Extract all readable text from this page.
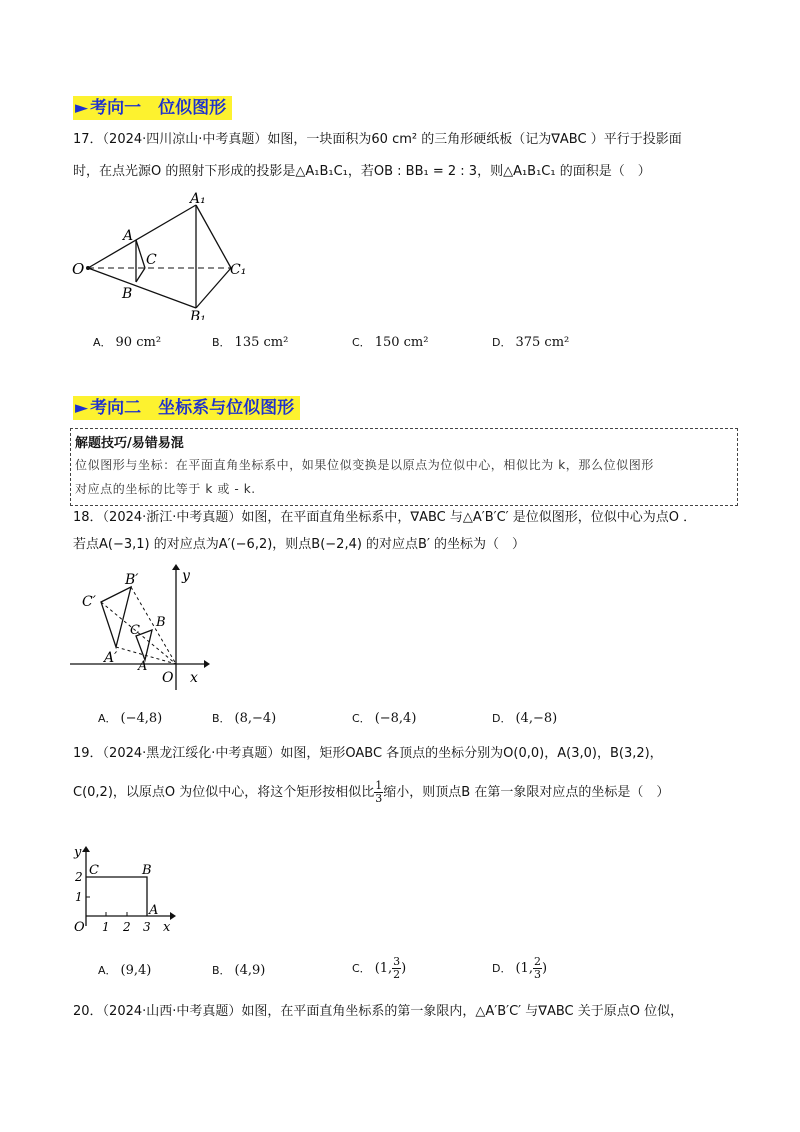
► 考向一　位似图形
17．（2024·四川凉山·中考真题）如图，一块面积为60 cm² 的三角形硬纸板（记为∇ABC ）平行于投影面
时，在点光源O 的照射下形成的投影是△A₁B₁C₁，若OB : BB₁ = 2 : 3，则△A₁B₁C₁ 的面积是（　）
O
A
B
C
A₁
B₁
C₁
A． 90 cm²	B． 135 cm²	C． 150 cm²	D． 375 cm²
► 考向二　坐标系与位似图形
解题技巧/易错易混
位似图形与坐标：在平面直角坐标系中，如果位似变换是以原点为位似中心，相似比为 k，那么位似图形
对应点的坐标的比等于 k 或 - k.
18．（2024·浙江·中考真题）如图，在平面直角坐标系中，∇ABC 与△A′B′C′ 是位似图形，位似中心为点O ．
若点A(−3,1) 的对应点为A′(−6,2)，则点B(−2,4) 的对应点B′ 的坐标为（　）
B′
C′
A′
B
C
A
O x
y
A． (−4,8)	B． (8,−4)	C． (−8,4)	D． (4,−8)
19．（2024·黑龙江绥化·中考真题）如图，矩形OABC 各顶点的坐标分别为O(0,0)，A(3,0)，B(3,2)，
C(0,2)，以原点O 为位似中心，将这个矩形按相似比 $\frac{1}{3}$ 缩小，则顶点B 在第一象限对应点的坐标是（　）
y
x
O
A
B
C
1 2 3
1
2
A． (9,4)	B． (4,9)	C． (1, $\frac{3}{2}$ )	D． (1, $\frac{2}{3}$ )
20．（2024·山西·中考真题）如图，在平面直角坐标系的第一象限内，△A′B′C′ 与∇ABC 关于原点O 位似，
